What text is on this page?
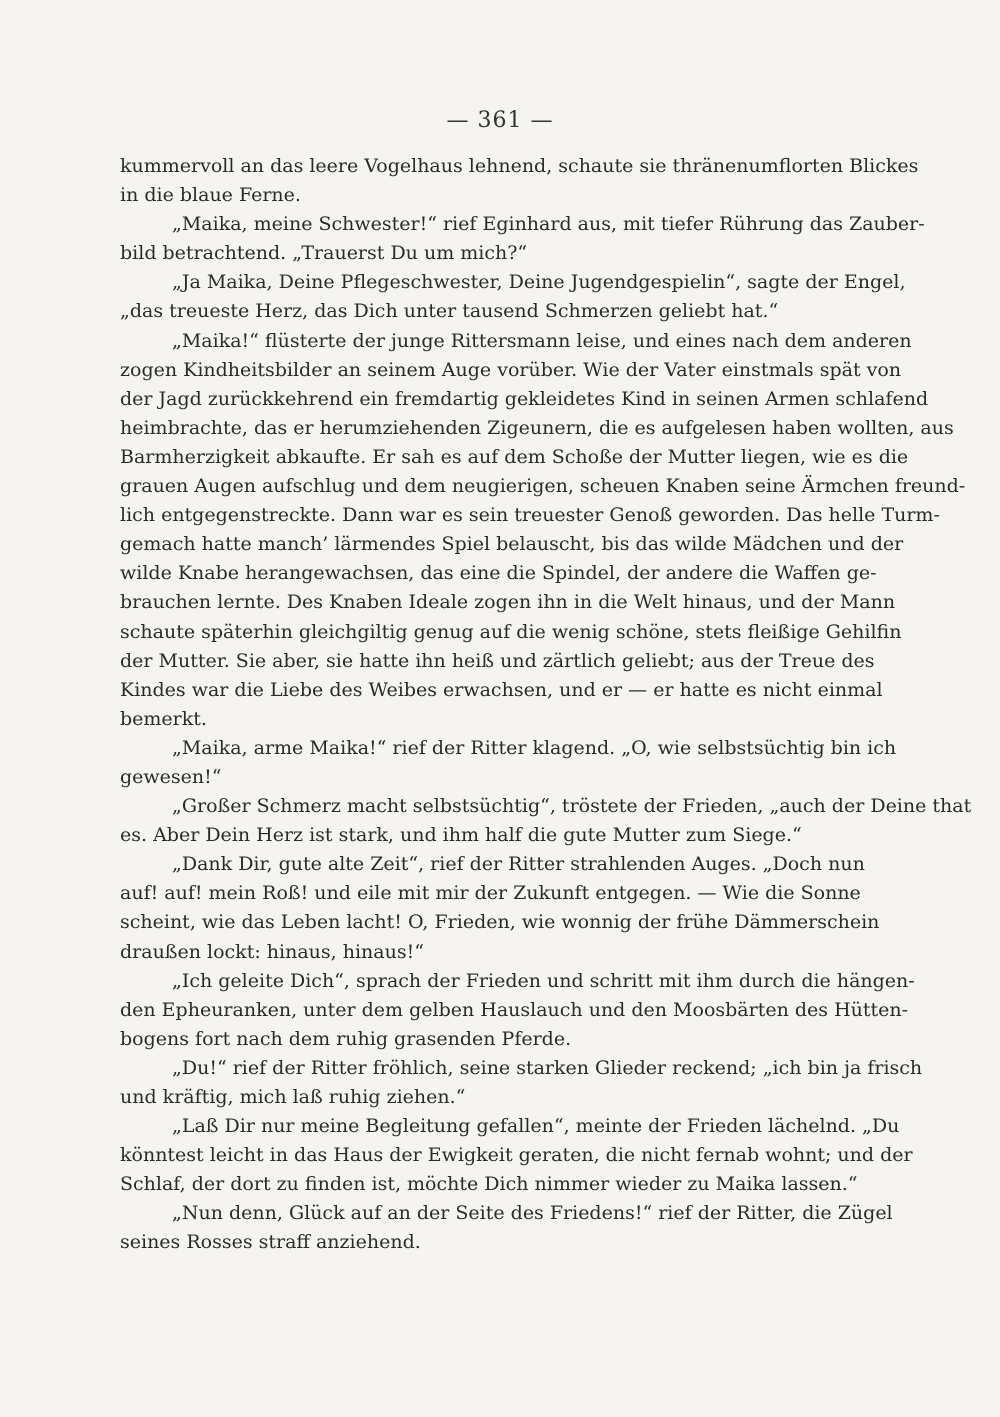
— 361 —
kummervoll an das leere Vogelhaus lehnend, schaute sie thränenumflorten Blickes
in die blaue Ferne.
„Maika, meine Schwester!“ rief Eginhard aus, mit tiefer Rührung das Zauber-
bild betrachtend. „Trauerst Du um mich?“
„Ja Maika, Deine Pflegeschwester, Deine Jugendgespielin“, sagte der Engel,
„das treueste Herz, das Dich unter tausend Schmerzen geliebt hat.“
„Maika!“ flüsterte der junge Rittersmann leise, und eines nach dem anderen
zogen Kindheitsbilder an seinem Auge vorüber. Wie der Vater einstmals spät von
der Jagd zurückkehrend ein fremdartig gekleidetes Kind in seinen Armen schlafend
heimbrachte, das er herumziehenden Zigeunern, die es aufgelesen haben wollten, aus
Barmherzigkeit abkaufte. Er sah es auf dem Schoße der Mutter liegen, wie es die
grauen Augen aufschlug und dem neugierigen, scheuen Knaben seine Ärmchen freund-
lich entgegenstreckte. Dann war es sein treuester Genoß geworden. Das helle Turm-
gemach hatte manch’ lärmendes Spiel belauscht, bis das wilde Mädchen und der
wilde Knabe herangewachsen, das eine die Spindel, der andere die Waffen ge-
brauchen lernte. Des Knaben Ideale zogen ihn in die Welt hinaus, und der Mann
schaute späterhin gleichgiltig genug auf die wenig schöne, stets fleißige Gehilfin
der Mutter. Sie aber, sie hatte ihn heiß und zärtlich geliebt; aus der Treue des
Kindes war die Liebe des Weibes erwachsen, und er — er hatte es nicht einmal
bemerkt.
„Maika, arme Maika!“ rief der Ritter klagend. „O, wie selbstsüchtig bin ich
gewesen!“
„Großer Schmerz macht selbstsüchtig“, tröstete der Frieden, „auch der Deine that
es. Aber Dein Herz ist stark, und ihm half die gute Mutter zum Siege.“
„Dank Dir, gute alte Zeit“, rief der Ritter strahlenden Auges. „Doch nun
auf! auf! mein Roß! und eile mit mir der Zukunft entgegen. — Wie die Sonne
scheint, wie das Leben lacht! O, Frieden, wie wonnig der frühe Dämmerschein
draußen lockt: hinaus, hinaus!“
„Ich geleite Dich“, sprach der Frieden und schritt mit ihm durch die hängen-
den Epheuranken, unter dem gelben Hauslauch und den Moosbärten des Hütten-
bogens fort nach dem ruhig grasenden Pferde.
„Du!“ rief der Ritter fröhlich, seine starken Glieder reckend; „ich bin ja frisch
und kräftig, mich laß ruhig ziehen.“
„Laß Dir nur meine Begleitung gefallen“, meinte der Frieden lächelnd. „Du
könntest leicht in das Haus der Ewigkeit geraten, die nicht fernab wohnt; und der
Schlaf, der dort zu finden ist, möchte Dich nimmer wieder zu Maika lassen.“
„Nun denn, Glück auf an der Seite des Friedens!“ rief der Ritter, die Zügel
seines Rosses straff anziehend.
